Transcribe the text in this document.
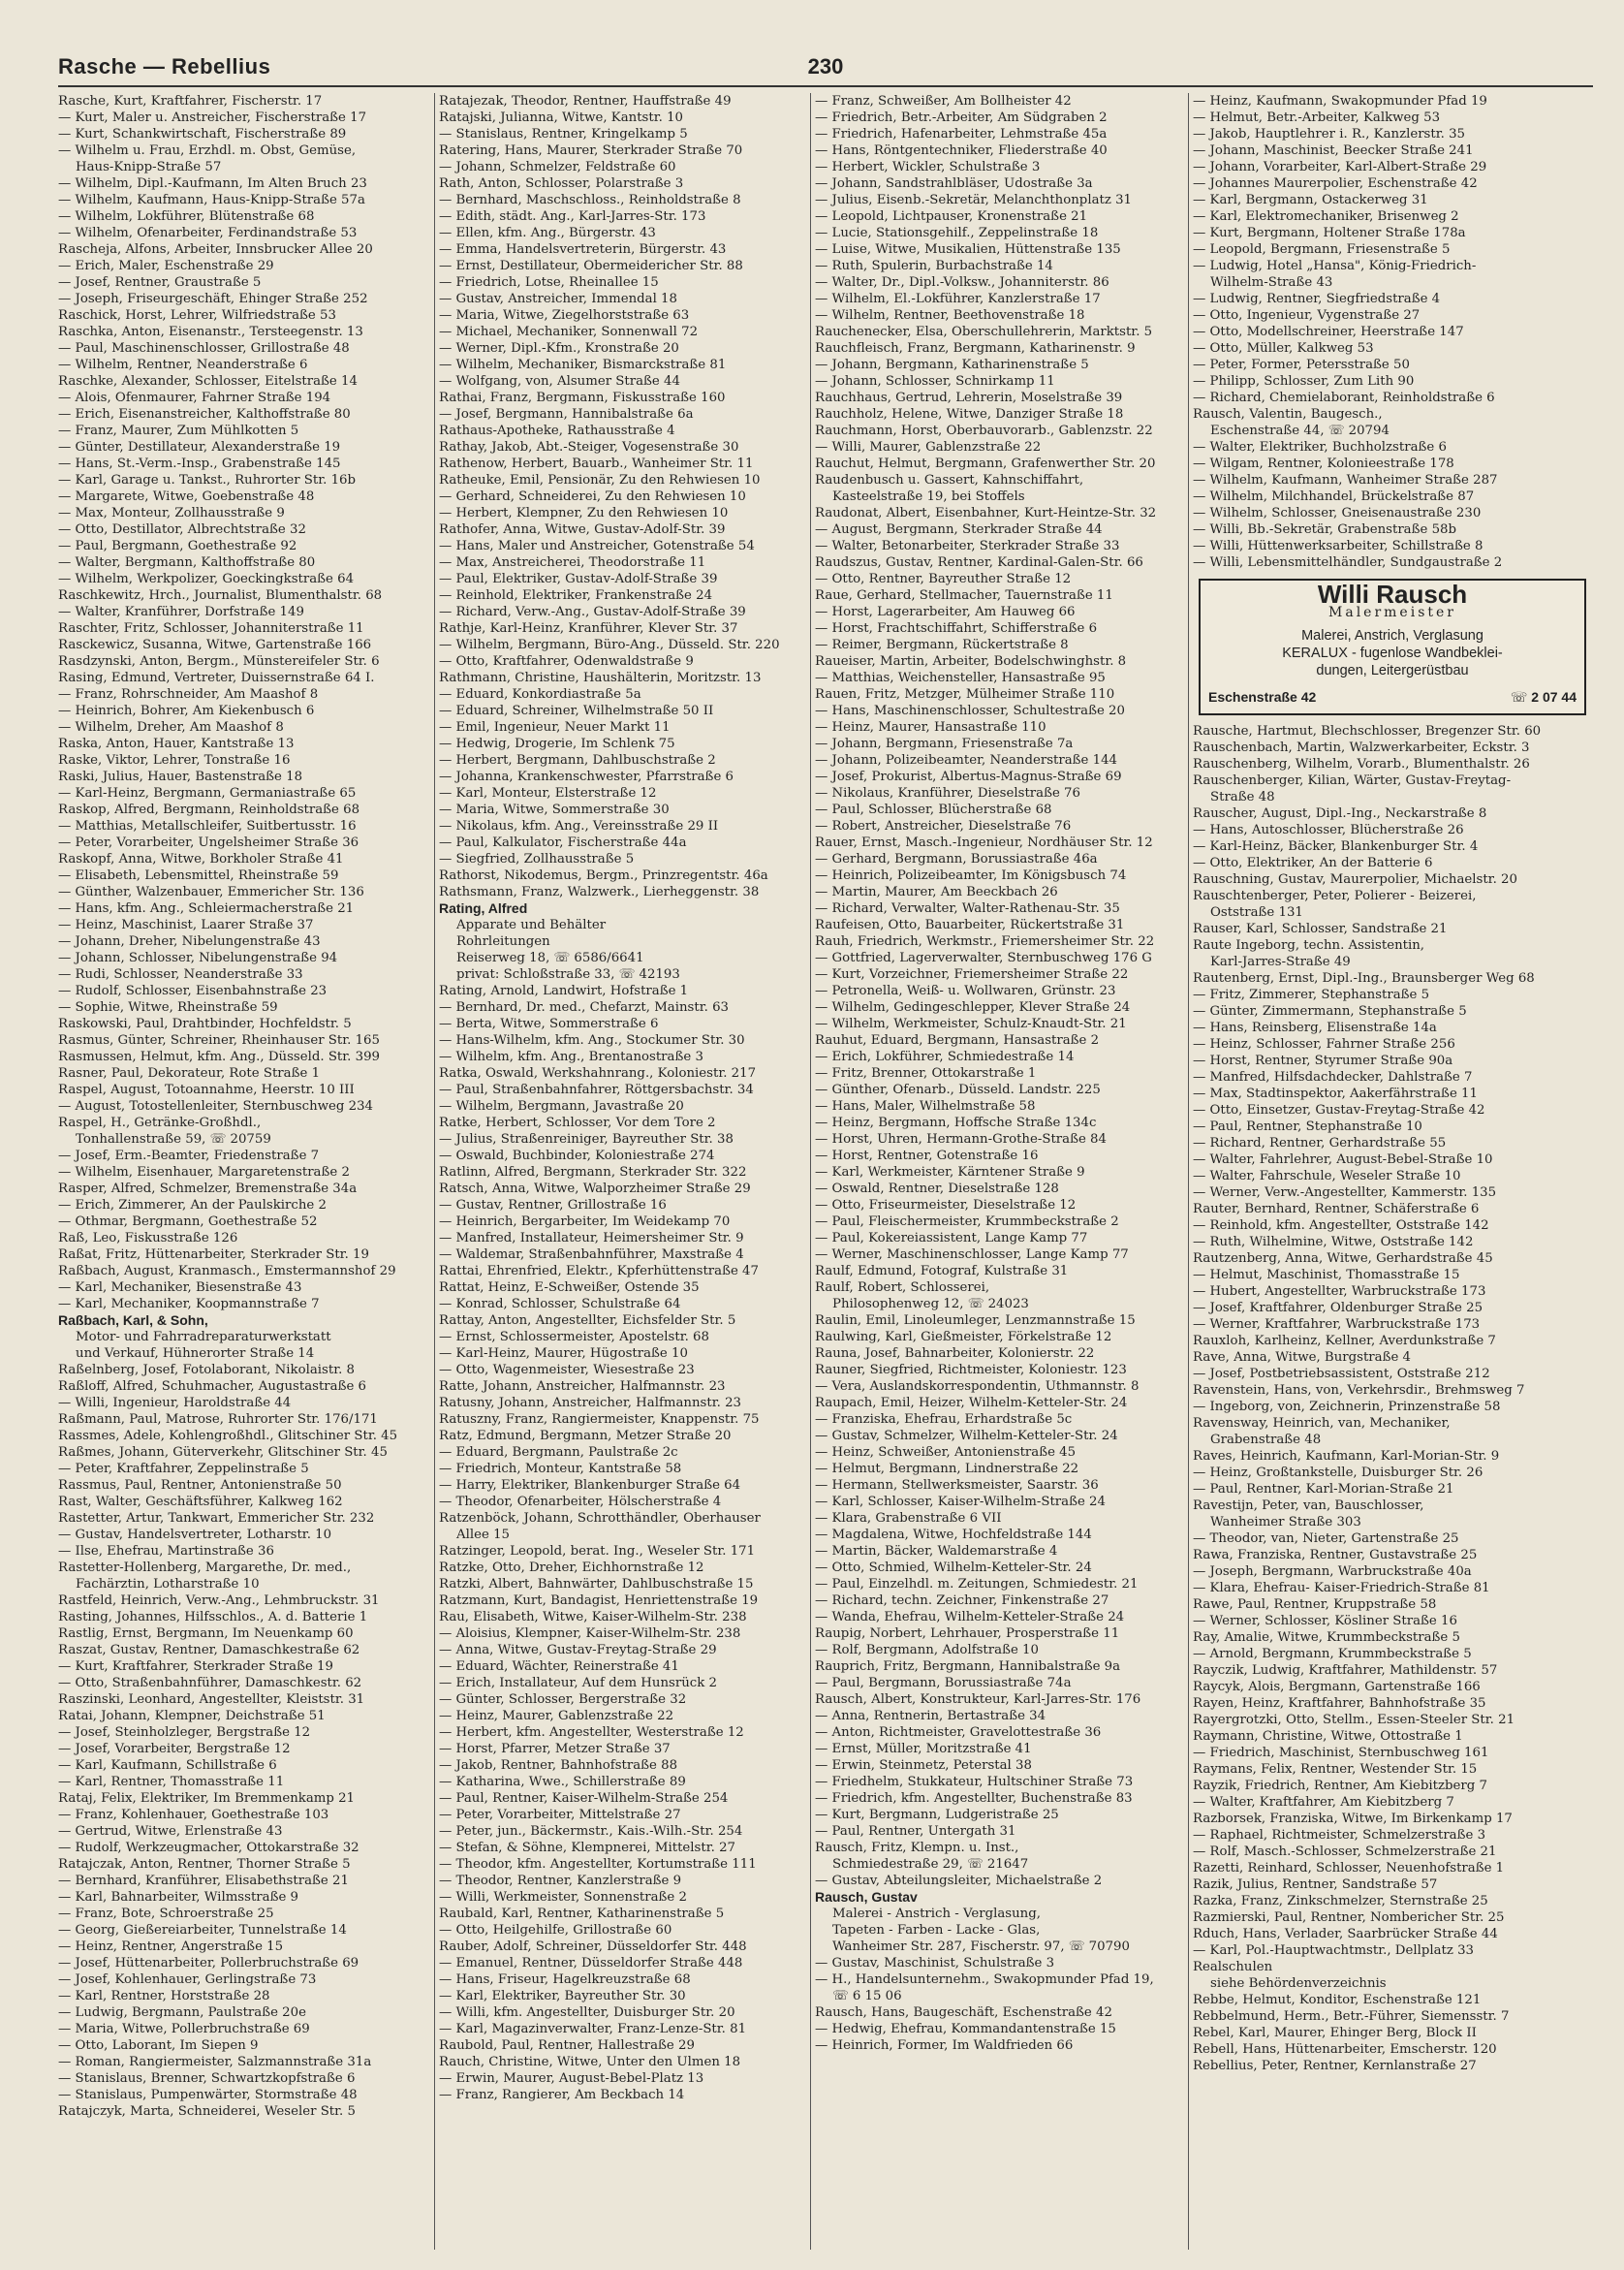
Rasche — Rebellius	230
Rasche, Kurt, Kraftfahrer, Fischerstr. 17
— Kurt, Maler u. Anstreicher, Fischerstraße 17
— Kurt, Schankwirtschaft, Fischerstraße 89
— Wilhelm u. Frau, Erzhdl. m. Obst, Gemüse,
Haus-Knipp-Straße 57
— Wilhelm, Dipl.-Kaufmann, Im Alten Bruch 23
— Wilhelm, Kaufmann, Haus-Knipp-Straße 57a
— Wilhelm, Lokführer, Blütenstraße 68
— Wilhelm, Ofenarbeiter, Ferdinandstraße 53
Rascheja, Alfons, Arbeiter, Innsbrucker Allee 20
— Erich, Maler, Eschenstraße 29
— Josef, Rentner, Graustraße 5
— Joseph, Friseurgeschäft, Ehinger Straße 252
Raschick, Horst, Lehrer, Wilfriedstraße 53
Raschka, Anton, Eisenanstr., Tersteegenstr. 13
— Paul, Maschinenschlosser, Grillostraße 48
— Wilhelm, Rentner, Neanderstraße 6
Raschke, Alexander, Schlosser, Eitelstraße 14
— Alois, Ofenmaurer, Fahrner Straße 194
— Erich, Eisenanstreicher, Kalthoffstraße 80
— Franz, Maurer, Zum Mühlkotten 5
— Günter, Destillateur, Alexanderstraße 19
— Hans, St.-Verm.-Insp., Grabenstraße 145
— Karl, Garage u. Tankst., Ruhrorter Str. 16b
— Margarete, Witwe, Goebenstraße 48
— Max, Monteur, Zollhausstraße 9
— Otto, Destillator, Albrechtstraße 32
— Paul, Bergmann, Goethestraße 92
— Walter, Bergmann, Kalthoffstraße 80
— Wilhelm, Werkpolizer, Goeckingkstraße 64
Raschkewitz, Hrch., Journalist, Blumenthalstr. 68
— Walter, Kranführer, Dorfstraße 149
Raschter, Fritz, Schlosser, Johanniterstraße 11
Rasckewicz, Susanna, Witwe, Gartenstraße 166
Rasdzynski, Anton, Bergm., Münstereifeler Str. 6
Rasing, Edmund, Vertreter, Duissernstraße 64 I.
— Franz, Rohrschneider, Am Maashof 8
— Heinrich, Bohrer, Am Kiekenbusch 6
— Wilhelm, Dreher, Am Maashof 8
Raska, Anton, Hauer, Kantstraße 13
Raske, Viktor, Lehrer, Tonstraße 16
Raski, Julius, Hauer, Bastenstraße 18
— Karl-Heinz, Bergmann, Germaniastraße 65
Raskop, Alfred, Bergmann, Reinholdstraße 68
— Matthias, Metallschleifer, Suitbertusstr. 16
— Peter, Vorarbeiter, Ungelsheimer Straße 36
Raskopf, Anna, Witwe, Borkholer Straße 41
— Elisabeth, Lebensmittel, Rheinstraße 59
— Günther, Walzenbauer, Emmericher Str. 136
— Hans, kfm. Ang., Schleiermacherstraße 21
— Heinz, Maschinist, Laarer Straße 37
— Johann, Dreher, Nibelungenstraße 43
— Johann, Schlosser, Nibelungenstraße 94
— Rudi, Schlosser, Neanderstraße 33
— Rudolf, Schlosser, Eisenbahnstraße 23
— Sophie, Witwe, Rheinstraße 59
Raskowski, Paul, Drahtbinder, Hochfeldstr. 5
Rasmus, Günter, Schreiner, Rheinhauser Str. 165
Rasmussen, Helmut, kfm. Ang., Düsseld. Str. 399
Rasner, Paul, Dekorateur, Rote Straße 1
Raspel, August, Totoannahme, Heerstr. 10 III
— August, Totostellenleiter, Sternbuschweg 234
Raspel, H., Getränke-Großhdl.,
Tonhallenstraße 59, ☏ 20759
— Josef, Erm.-Beamter, Friedenstraße 7
— Wilhelm, Eisenhauer, Margaretenstraße 2
Rasper, Alfred, Schmelzer, Bremenstraße 34a
— Erich, Zimmerer, An der Paulskirche 2
— Othmar, Bergmann, Goethestraße 52
Raß, Leo, Fiskusstraße 126
Raßat, Fritz, Hüttenarbeiter, Sterkrader Str. 19
Raßbach, August, Kranmasch., Emstermannshof 29
— Karl, Mechaniker, Biesenstraße 43
— Karl, Mechaniker, Koopmannstraße 7
Raßbach, Karl, & Sohn,
Motor- und Fahrradreparaturwerkstatt
und Verkauf, Hühnerorter Straße 14
Raßelnberg, Josef, Fotolaborant, Nikolaistr. 8
Raßloff, Alfred, Schuhmacher, Augustastraße 6
— Willi, Ingenieur, Haroldstraße 44
Raßmann, Paul, Matrose, Ruhrorter Str. 176/171
Rassmes, Adele, Kohlengroßhdl., Glitschiner Str. 45
Raßmes, Johann, Güterverkehr, Glitschiner Str. 45
— Peter, Kraftfahrer, Zeppelinstraße 5
Rassmus, Paul, Rentner, Antonienstraße 50
Rast, Walter, Geschäftsführer, Kalkweg 162
Rastetter, Artur, Tankwart, Emmericher Str. 232
— Gustav, Handelsvertreter, Lotharstr. 10
— Ilse, Ehefrau, Martinstraße 36
Rastetter-Hollenberg, Margarethe, Dr. med.,
Fachärztin, Lotharstraße 10
Rastfeld, Heinrich, Verw.-Ang., Lehmbruckstr. 31
Rasting, Johannes, Hilfsschlos., A. d. Batterie 1
Rastlig, Ernst, Bergmann, Im Neuenkamp 60
Raszat, Gustav, Rentner, Damaschkestraße 62
— Kurt, Kraftfahrer, Sterkrader Straße 19
— Otto, Straßenbahnführer, Damaschkestr. 62
Raszinski, Leonhard, Angestellter, Kleiststr. 31
Ratai, Johann, Klempner, Deichstraße 51
— Josef, Steinholzleger, Bergstraße 12
— Josef, Vorarbeiter, Bergstraße 12
— Karl, Kaufmann, Schillstraße 6
— Karl, Rentner, Thomasstraße 11
Rataj, Felix, Elektriker, Im Bremmenkamp 21
— Franz, Kohlenhauer, Goethestraße 103
— Gertrud, Witwe, Erlenstraße 43
— Rudolf, Werkzeugmacher, Ottokarstraße 32
Ratajczak, Anton, Rentner, Thorner Straße 5
— Bernhard, Kranführer, Elisabethstraße 21
— Karl, Bahnarbeiter, Wilmsstraße 9
— Franz, Bote, Schroerstraße 25
— Georg, Gießereiarbeiter, Tunnelstraße 14
— Heinz, Rentner, Angerstraße 15
— Josef, Hüttenarbeiter, Pollerbruchstraße 69
— Josef, Kohlenhauer, Gerlingstraße 73
— Karl, Rentner, Horststraße 28
— Ludwig, Bergmann, Paulstraße 20e
— Maria, Witwe, Pollerbruchstraße 69
— Otto, Laborant, Im Siepen 9
— Roman, Rangiermeister, Salzmannstraße 31a
— Stanislaus, Brenner, Schwartzkopfstraße 6
— Stanislaus, Pumpenwärter, Stormstraße 48
Ratajczyk, Marta, Schneiderei, Weseler Str. 5
Ratajezak, Theodor, Rentner, Hauffstraße 49
Ratajski, Julianna, Witwe, Kantstr. 10
— Stanislaus, Rentner, Kringelkamp 5
Ratering, Hans, Maurer, Sterkrader Straße 70
— Johann, Schmelzer, Feldstraße 60
Rath, Anton, Schlosser, Polarstraße 3
— Bernhard, Maschschloss., Reinholdstraße 8
— Edith, städt. Ang., Karl-Jarres-Str. 173
— Ellen, kfm. Ang., Bürgerstr. 43
— Emma, Handelsvertreterin, Bürgerstr. 43
— Ernst, Destillateur, Obermeidericher Str. 88
— Friedrich, Lotse, Rheinallee 15
— Gustav, Anstreicher, Immendal 18
— Maria, Witwe, Ziegelhorststraße 63
— Michael, Mechaniker, Sonnenwall 72
— Werner, Dipl.-Kfm., Kronstraße 20
— Wilhelm, Mechaniker, Bismarckstraße 81
— Wolfgang, von, Alsumer Straße 44
Rathai, Franz, Bergmann, Fiskusstraße 160
— Josef, Bergmann, Hannibalstraße 6a
Rathaus-Apotheke, Rathausstraße 4
Rathay, Jakob, Abt.-Steiger, Vogesenstraße 30
Rathenow, Herbert, Bauarb., Wanheimer Str. 11
Ratheuke, Emil, Pensionär, Zu den Rehwiesen 10
— Gerhard, Schneiderei, Zu den Rehwiesen 10
— Herbert, Klempner, Zu den Rehwiesen 10
Rathofer, Anna, Witwe, Gustav-Adolf-Str. 39
— Hans, Maler und Anstreicher, Gotenstraße 54
— Max, Anstreicherei, Theodorstraße 11
— Paul, Elektriker, Gustav-Adolf-Straße 39
— Reinhold, Elektriker, Frankenstraße 24
— Richard, Verw.-Ang., Gustav-Adolf-Straße 39
Rathje, Karl-Heinz, Kranführer, Klever Str. 37
— Wilhelm, Bergmann, Büro-Ang., Düsseld. Str. 220
— Otto, Kraftfahrer, Odenwaldstraße 9
Rathmann, Christine, Haushälterin, Moritzstr. 13
— Eduard, Konkordiastraße 5a
— Eduard, Schreiner, Wilhelmstraße 50 II
— Emil, Ingenieur, Neuer Markt 11
— Hedwig, Drogerie, Im Schlenk 75
— Herbert, Bergmann, Dahlbuschstraße 2
— Johanna, Krankenschwester, Pfarrstraße 6
— Karl, Monteur, Elsterstraße 12
— Maria, Witwe, Sommerstraße 30
— Nikolaus, kfm. Ang., Vereinsstraße 29 II
— Paul, Kalkulator, Fischerstraße 44a
— Siegfried, Zollhausstraße 5
Rathorst, Nikodemus, Bergm., Prinzregentstr. 46a
Rathsmann, Franz, Walzwerk., Lierheggenstr. 38
Rating, Alfred
Apparate und Behälter
Rohrleitungen
Reiserweg 18, ☏ 6586/6641
privat: Schloßstraße 33, ☏ 42193
Rating, Arnold, Landwirt, Hofstraße 1
— Bernhard, Dr. med., Chefarzt, Mainstr. 63
— Berta, Witwe, Sommerstraße 6
— Hans-Wilhelm, kfm. Ang., Stockumer Str. 30
— Wilhelm, kfm. Ang., Brentanostraße 3
Ratka, Oswald, Werkshahnrang., Koloniestr. 217
— Paul, Straßenbahnfahrer, Röttgersbachstr. 34
— Wilhelm, Bergmann, Javastraße 20
Ratke, Herbert, Schlosser, Vor dem Tore 2
— Julius, Straßenreiniger, Bayreuther Str. 38
— Oswald, Buchbinder, Koloniestraße 274
Ratlinn, Alfred, Bergmann, Sterkrader Str. 322
Ratsch, Anna, Witwe, Walporzheimer Straße 29
— Gustav, Rentner, Grillostraße 16
— Heinrich, Bergarbeiter, Im Weidekamp 70
— Manfred, Installateur, Heimersheimer Str. 9
— Waldemar, Straßenbahnführer, Maxstraße 4
Rattai, Ehrenfried, Elektr., Kpferhüttenstraße 47
Rattat, Heinz, E-Schweißer, Ostende 35
— Konrad, Schlosser, Schulstraße 64
Rattay, Anton, Angestellter, Eichsfelder Str. 5
— Ernst, Schlossermeister, Apostelstr. 68
— Karl-Heinz, Maurer, Hügostraße 10
— Otto, Wagenmeister, Wiesestraße 23
Ratte, Johann, Anstreicher, Halfmannstr. 23
Ratusny, Johann, Anstreicher, Halfmannstr. 23
Ratuszny, Franz, Rangiermeister, Knappenstr. 75
Ratz, Edmund, Bergmann, Metzer Straße 20
— Eduard, Bergmann, Paulstraße 2c
— Friedrich, Monteur, Kantstraße 58
— Harry, Elektriker, Blankenburger Straße 64
— Theodor, Ofenarbeiter, Hölscherstraße 4
Ratzenböck, Johann, Schrotthändler, Oberhauser
Allee 15
Ratzinger, Leopold, berat. Ing., Weseler Str. 171
Ratzke, Otto, Dreher, Eichhornstraße 12
Ratzki, Albert, Bahnwärter, Dahlbuschstraße 15
Ratzmann, Kurt, Bandagist, Henriettenstraße 19
Rau, Elisabeth, Witwe, Kaiser-Wilhelm-Str. 238
— Aloisius, Klempner, Kaiser-Wilhelm-Str. 238
— Anna, Witwe, Gustav-Freytag-Straße 29
— Eduard, Wächter, Reinerstraße 41
— Erich, Installateur, Auf dem Hunsrück 2
— Günter, Schlosser, Bergerstraße 32
— Heinz, Maurer, Gablenzstraße 22
— Herbert, kfm. Angestellter, Westerstraße 12
— Horst, Pfarrer, Metzer Straße 37
— Jakob, Rentner, Bahnhofstraße 88
— Katharina, Wwe., Schillerstraße 89
— Paul, Rentner, Kaiser-Wilhelm-Straße 254
— Peter, Vorarbeiter, Mittelstraße 27
— Peter, jun., Bäckermstr., Kais.-Wilh.-Str. 254
— Stefan, & Söhne, Klempnerei, Mittelstr. 27
— Theodor, kfm. Angestellter, Kortumstraße 111
— Theodor, Rentner, Kanzlerstraße 9
— Willi, Werkmeister, Sonnenstraße 2
Raubald, Karl, Rentner, Katharinenstraße 5
— Otto, Heilgehilfe, Grillostraße 60
Rauber, Adolf, Schreiner, Düsseldorfer Str. 448
— Emanuel, Rentner, Düsseldorfer Straße 448
— Hans, Friseur, Hagelkreuzstraße 68
— Karl, Elektriker, Bayreuther Str. 30
— Willi, kfm. Angestellter, Duisburger Str. 20
— Karl, Magazinverwalter, Franz-Lenze-Str. 81
Raubold, Paul, Rentner, Hallestraße 29
Rauch, Christine, Witwe, Unter den Ulmen 18
— Erwin, Maurer, August-Bebel-Platz 13
— Franz, Rangierer, Am Beckbach 14
— Franz, Schweißer, Am Bollheister 42
— Friedrich, Betr.-Arbeiter, Am Südgraben 2
— Friedrich, Hafenarbeiter, Lehmstraße 45a
— Hans, Röntgentechniker, Fliederstraße 40
— Herbert, Wickler, Schulstraße 3
— Johann, Sandstrahlbläser, Udostraße 3a
— Julius, Eisenb.-Sekretär, Melanchthonplatz 31
— Leopold, Lichtpauser, Kronenstraße 21
— Lucie, Stationsgehilf., Zeppelinstraße 18
— Luise, Witwe, Musikalien, Hüttenstraße 135
— Ruth, Spulerin, Burbachstraße 14
— Walter, Dr., Dipl.-Volksw., Johanniterstr. 86
— Wilhelm, El.-Lokführer, Kanzlerstraße 17
— Wilhelm, Rentner, Beethovenstraße 18
Rauchenecker, Elsa, Oberschullehrerin, Marktstr. 5
Rauchfleisch, Franz, Bergmann, Katharinenstr. 9
— Johann, Bergmann, Katharinenstraße 5
— Johann, Schlosser, Schnirkamp 11
Rauchhaus, Gertrud, Lehrerin, Moselstraße 39
Rauchholz, Helene, Witwe, Danziger Straße 18
Rauchmann, Horst, Oberbauvorarb., Gablenzstr. 22
— Willi, Maurer, Gablenzstraße 22
Rauchut, Helmut, Bergmann, Grafenwerther Str. 20
Raudenbusch u. Gassert, Kahnschiffahrt,
Kasteelstraße 19, bei Stoffels
Raudonat, Albert, Eisenbahner, Kurt-Heintze-Str. 32
— August, Bergmann, Sterkrader Straße 44
— Walter, Betonarbeiter, Sterkrader Straße 33
Raudszus, Gustav, Rentner, Kardinal-Galen-Str. 66
— Otto, Rentner, Bayreuther Straße 12
Raue, Gerhard, Stellmacher, Tauernstraße 11
— Horst, Lagerarbeiter, Am Hauweg 66
— Horst, Frachtschiffahrt, Schifferstraße 6
— Reimer, Bergmann, Rückertstraße 8
Raueiser, Martin, Arbeiter, Bodelschwinghstr. 8
— Matthias, Weichensteller, Hansastraße 95
Rauen, Fritz, Metzger, Mülheimer Straße 110
— Hans, Maschinenschlosser, Schultestraße 20
— Heinz, Maurer, Hansastraße 110
— Johann, Bergmann, Friesenstraße 7a
— Johann, Polizeibeamter, Neanderstraße 144
— Josef, Prokurist, Albertus-Magnus-Straße 69
— Nikolaus, Kranführer, Dieselstraße 76
— Paul, Schlosser, Blücherstraße 68
— Robert, Anstreicher, Dieselstraße 76
Rauer, Ernst, Masch.-Ingenieur, Nordhäuser Str. 12
— Gerhard, Bergmann, Borussiastraße 46a
— Heinrich, Polizeibeamter, Im Königsbusch 74
— Martin, Maurer, Am Beeckbach 26
— Richard, Verwalter, Walter-Rathenau-Str. 35
Raufeisen, Otto, Bauarbeiter, Rückertstraße 31
Rauh, Friedrich, Werkmstr., Friemersheimer Str. 22
— Gottfried, Lagerverwalter, Sternbuschweg 176 G
— Kurt, Vorzeichner, Friemersheimer Straße 22
— Petronella, Weiß- u. Wollwaren, Grünstr. 23
— Wilhelm, Gedingeschlepper, Klever Straße 24
— Wilhelm, Werkmeister, Schulz-Knaudt-Str. 21
Rauhut, Eduard, Bergmann, Hansastraße 2
— Erich, Lokführer, Schmiedestraße 14
— Fritz, Brenner, Ottokarstraße 1
— Günther, Ofenarb., Düsseld. Landstr. 225
— Hans, Maler, Wilhelmstraße 58
— Heinz, Bergmann, Hoffsche Straße 134c
— Horst, Uhren, Hermann-Grothe-Straße 84
— Horst, Rentner, Gotenstraße 16
— Karl, Werkmeister, Kärntener Straße 9
— Oswald, Rentner, Dieselstraße 128
— Otto, Friseurmeister, Dieselstraße 12
— Paul, Fleischermeister, Krummbeckstraße 2
— Paul, Kokereiassistent, Lange Kamp 77
— Werner, Maschinenschlosser, Lange Kamp 77
Raulf, Edmund, Fotograf, Kulstraße 31
Raulf, Robert, Schlosserei,
Philosophenweg 12, ☏ 24023
Raulin, Emil, Linoleumleger, Lenzmannstraße 15
Raulwing, Karl, Gießmeister, Förkelstraße 12
Rauna, Josef, Bahnarbeiter, Kolonierstr. 22
Rauner, Siegfried, Richtmeister, Koloniestr. 123
— Vera, Auslandskorrespondentin, Uthmannstr. 8
Raupach, Emil, Heizer, Wilhelm-Ketteler-Str. 24
— Franziska, Ehefrau, Erhardstraße 5c
— Gustav, Schmelzer, Wilhelm-Ketteler-Str. 24
— Heinz, Schweißer, Antonienstraße 45
— Helmut, Bergmann, Lindnerstraße 22
— Hermann, Stellwerksmeister, Saarstr. 36
— Karl, Schlosser, Kaiser-Wilhelm-Straße 24
— Klara, Grabenstraße 6 VII
— Magdalena, Witwe, Hochfeldstraße 144
— Martin, Bäcker, Waldemarstraße 4
— Otto, Schmied, Wilhelm-Ketteler-Str. 24
— Paul, Einzelhdl. m. Zeitungen, Schmiedestr. 21
— Richard, techn. Zeichner, Finkenstraße 27
— Wanda, Ehefrau, Wilhelm-Ketteler-Straße 24
Raupig, Norbert, Lehrhauer, Prosperstraße 11
— Rolf, Bergmann, Adolfstraße 10
Rauprich, Fritz, Bergmann, Hannibalstraße 9a
— Paul, Bergmann, Borussiastraße 74a
Rausch, Albert, Konstrukteur, Karl-Jarres-Str. 176
— Anna, Rentnerin, Bertastraße 34
— Anton, Richtmeister, Gravelottestraße 36
— Ernst, Müller, Moritzstraße 41
— Erwin, Steinmetz, Peterstal 38
— Friedhelm, Stukkateur, Hultschiner Straße 73
— Friedrich, kfm. Angestellter, Buchenstraße 83
— Kurt, Bergmann, Ludgeristraße 25
— Paul, Rentner, Untergath 31
Rausch, Fritz, Klempn. u. Inst.,
Schmiedestraße 29, ☏ 21647
— Gustav, Abteilungsleiter, Michaelstraße 2
Rausch, Gustav
Malerei - Anstrich - Verglasung,
Tapeten - Farben - Lacke - Glas,
Wanheimer Str. 287, Fischerstr. 97, ☏ 70790
— Gustav, Maschinist, Schulstraße 3
— H., Handelsunternehm., Swakopmunder Pfad 19,
☏ 6 15 06
Rausch, Hans, Baugeschäft, Eschenstraße 42
— Hedwig, Ehefrau, Kommandantenstraße 15
— Heinrich, Former, Im Waldfrieden 66
— Heinz, Kaufmann, Swakopmunder Pfad 19
— Helmut, Betr.-Arbeiter, Kalkweg 53
— Jakob, Hauptlehrer i. R., Kanzlerstr. 35
— Johann, Maschinist, Beecker Straße 241
— Johann, Vorarbeiter, Karl-Albert-Straße 29
— Johannes Maurerpolier, Eschenstraße 42
— Karl, Bergmann, Ostackerweg 31
— Karl, Elektromechaniker, Brisenweg 2
— Kurt, Bergmann, Holtener Straße 178a
— Leopold, Bergmann, Friesenstraße 5
— Ludwig, Hotel „Hansa", König-Friedrich-
Wilhelm-Straße 43
— Ludwig, Rentner, Siegfriedstraße 4
— Otto, Ingenieur, Vygenstraße 27
— Otto, Modellschreiner, Heerstraße 147
— Otto, Müller, Kalkweg 53
— Peter, Former, Petersstraße 50
— Philipp, Schlosser, Zum Lith 90
— Richard, Chemielaborant, Reinholdstraße 6
Rausch, Valentin, Baugesch.,
Eschenstraße 44, ☏ 20794
— Walter, Elektriker, Buchholzstraße 6
— Wilgam, Rentner, Kolonieestraße 178
— Wilhelm, Kaufmann, Wanheimer Straße 287
— Wilhelm, Milchhandel, Brückelstraße 87
— Wilhelm, Schlosser, Gneisenaustraße 230
— Willi, Bb.-Sekretär, Grabenstraße 58b
— Willi, Hüttenwerksarbeiter, Schillstraße 8
— Willi, Lebensmittelhändler, Sundgaustraße 2
Willi Rausch
Malermeister
Malerei, Anstrich, Verglasung
KERALUX - fugenlose Wandbeklei-
dungen, Leitergerüstbau
Eschenstraße 42	☏ 2 07 44
Rausche, Hartmut, Blechschlosser, Bregenzer Str. 60
Rauschenbach, Martin, Walzwerkarbeiter, Eckstr. 3
Rauschenberg, Wilhelm, Vorarb., Blumenthalstr. 26
Rauschenberger, Kilian, Wärter, Gustav-Freytag-
Straße 48
Rauscher, August, Dipl.-Ing., Neckarstraße 8
— Hans, Autoschlosser, Blücherstraße 26
— Karl-Heinz, Bäcker, Blankenburger Str. 4
— Otto, Elektriker, An der Batterie 6
Rauschning, Gustav, Maurerpolier, Michaelstr. 20
Rauschtenberger, Peter, Polierer - Beizerei,
Oststraße 131
Rauser, Karl, Schlosser, Sandstraße 21
Raute Ingeborg, techn. Assistentin,
Karl-Jarres-Straße 49
Rautenberg, Ernst, Dipl.-Ing., Braunsberger Weg 68
— Fritz, Zimmerer, Stephanstraße 5
— Günter, Zimmermann, Stephanstraße 5
— Hans, Reinsberg, Elisenstraße 14a
— Heinz, Schlosser, Fahrner Straße 256
— Horst, Rentner, Styrumer Straße 90a
— Manfred, Hilfsdachdecker, Dahlstraße 7
— Max, Stadtinspektor, Aakerfährstraße 11
— Otto, Einsetzer, Gustav-Freytag-Straße 42
— Paul, Rentner, Stephanstraße 10
— Richard, Rentner, Gerhardstraße 55
— Walter, Fahrlehrer, August-Bebel-Straße 10
— Walter, Fahrschule, Weseler Straße 10
— Werner, Verw.-Angestellter, Kammerstr. 135
Rauter, Bernhard, Rentner, Schäferstraße 6
— Reinhold, kfm. Angestellter, Oststraße 142
— Ruth, Wilhelmine, Witwe, Oststraße 142
Rautzenberg, Anna, Witwe, Gerhardstraße 45
— Helmut, Maschinist, Thomasstraße 15
— Hubert, Angestellter, Warbruckstraße 173
— Josef, Kraftfahrer, Oldenburger Straße 25
— Werner, Kraftfahrer, Warbruckstraße 173
Rauxloh, Karlheinz, Kellner, Averdunkstraße 7
Rave, Anna, Witwe, Burgstraße 4
— Josef, Postbetriebsassistent, Oststraße 212
Ravenstein, Hans, von, Verkehrsdir., Brehmsweg 7
— Ingeborg, von, Zeichnerin, Prinzenstraße 58
Ravensway, Heinrich, van, Mechaniker,
Grabenstraße 48
Raves, Heinrich, Kaufmann, Karl-Morian-Str. 9
— Heinz, Großtankstelle, Duisburger Str. 26
— Paul, Rentner, Karl-Morian-Straße 21
Ravestijn, Peter, van, Bauschlosser,
Wanheimer Straße 303
— Theodor, van, Nieter, Gartenstraße 25
Rawa, Franziska, Rentner, Gustavstraße 25
— Joseph, Bergmann, Warbruckstraße 40a
— Klara, Ehefrau- Kaiser-Friedrich-Straße 81
Rawe, Paul, Rentner, Kruppstraße 58
— Werner, Schlosser, Kösliner Straße 16
Ray, Amalie, Witwe, Krummbeckstraße 5
— Arnold, Bergmann, Krummbeckstraße 5
Rayczik, Ludwig, Kraftfahrer, Mathildenstr. 57
Raycyk, Alois, Bergmann, Gartenstraße 166
Rayen, Heinz, Kraftfahrer, Bahnhofstraße 35
Rayergrotzki, Otto, Stellm., Essen-Steeler Str. 21
Raymann, Christine, Witwe, Ottostraße 1
— Friedrich, Maschinist, Sternbuschweg 161
Raymans, Felix, Rentner, Westender Str. 15
Rayzik, Friedrich, Rentner, Am Kiebitzberg 7
— Walter, Kraftfahrer, Am Kiebitzberg 7
Razborsek, Franziska, Witwe, Im Birkenkamp 17
— Raphael, Richtmeister, Schmelzerstraße 3
— Rolf, Masch.-Schlosser, Schmelzerstraße 21
Razetti, Reinhard, Schlosser, Neuenhofstraße 1
Razik, Julius, Rentner, Sandstraße 57
Razka, Franz, Zinkschmelzer, Sternstraße 25
Razmierski, Paul, Rentner, Nombericher Str. 25
Rduch, Hans, Verlader, Saarbrücker Straße 44
— Karl, Pol.-Hauptwachtmstr., Dellplatz 33
Realschulen
siehe Behördenverzeichnis
Rebbe, Helmut, Konditor, Eschenstraße 121
Rebbelmund, Herm., Betr.-Führer, Siemensstr. 7
Rebel, Karl, Maurer, Ehinger Berg, Block II
Rebell, Hans, Hüttenarbeiter, Emscherstr. 120
Rebellius, Peter, Rentner, Kernlanstraße 27
